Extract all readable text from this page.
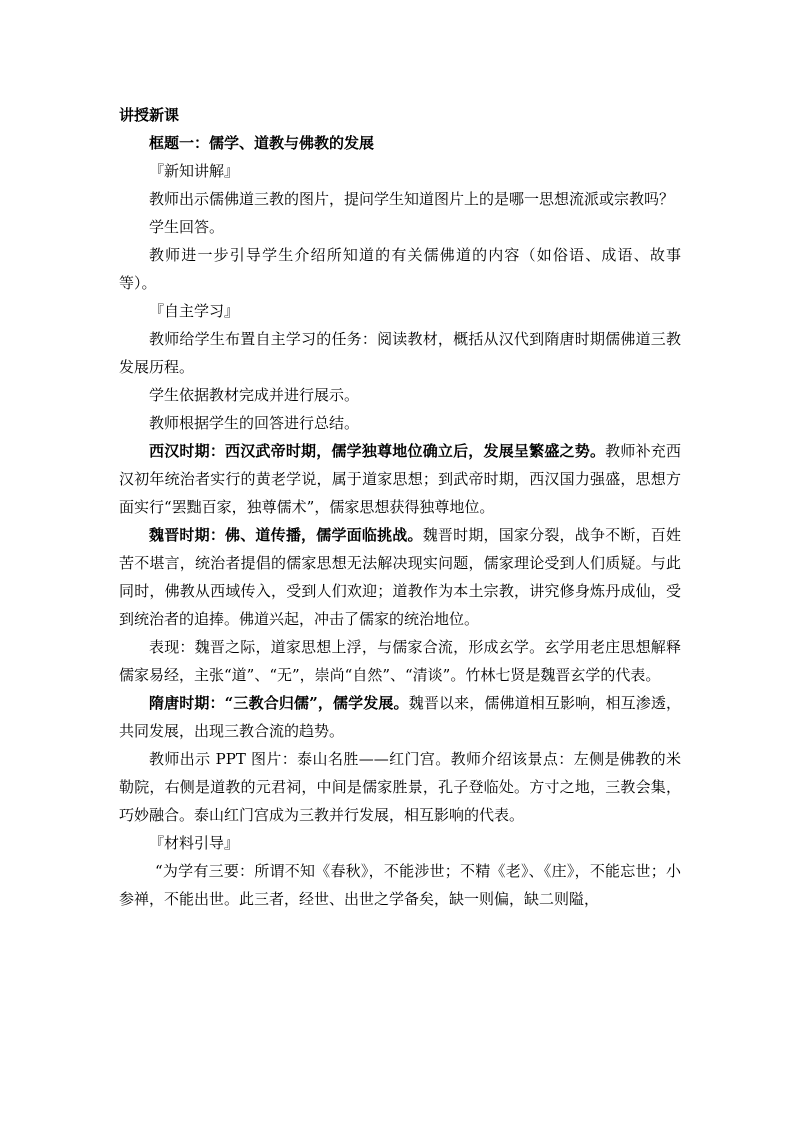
讲授新课

框题一：儒学、道教与佛教的发展

『新知讲解』

教师出示儒佛道三教的图片，提问学生知道图片上的是哪一思想流派或宗教吗？

学生回答。

教师进一步引导学生介绍所知道的有关儒佛道的内容（如俗语、成语、故事等）。

『自主学习』

教师给学生布置自主学习的任务：阅读教材，概括从汉代到隋唐时期儒佛道三教发展历程。

学生依据教材完成并进行展示。

教师根据学生的回答进行总结。

西汉时期：西汉武帝时期，儒学独尊地位确立后，发展呈繁盛之势。教师补充西汉初年统治者实行的黄老学说，属于道家思想；到武帝时期，西汉国力强盛，思想方面实行“罢黜百家，独尊儒术”，儒家思想获得独尊地位。

魏晋时期：佛、道传播，儒学面临挑战。魏晋时期，国家分裂，战争不断，百姓苦不堪言，统治者提倡的儒家思想无法解决现实问题，儒家理论受到人们质疑。与此同时，佛教从西域传入，受到人们欢迎；道教作为本土宗教，讲究修身炼丹成仙，受到统治者的追捧。佛道兴起，冲击了儒家的统治地位。

表现：魏晋之际，道家思想上浮，与儒家合流，形成玄学。玄学用老庄思想解释儒家易经，主张“道”、“无”，崇尚“自然”、“清谈”。竹林七贤是魏晋玄学的代表。

隋唐时期：“三教合归儒”，儒学发展。魏晋以来，儒佛道相互影响，相互渗透，共同发展，出现三教合流的趋势。

教师出示 PPT 图片：泰山名胜——红门宫。教师介绍该景点：左侧是佛教的米勒院，右侧是道教的元君祠，中间是儒家胜景，孔子登临处。方寸之地，三教会集，巧妙融合。泰山红门宫成为三教并行发展，相互影响的代表。

『材料引导』

“为学有三要：所谓不知《春秋》，不能涉世；不精《老》、《庄》，不能忘世；小参禅，不能出世。此三者，经世、出世之学备矣，缺一则偏，缺二则隘，
